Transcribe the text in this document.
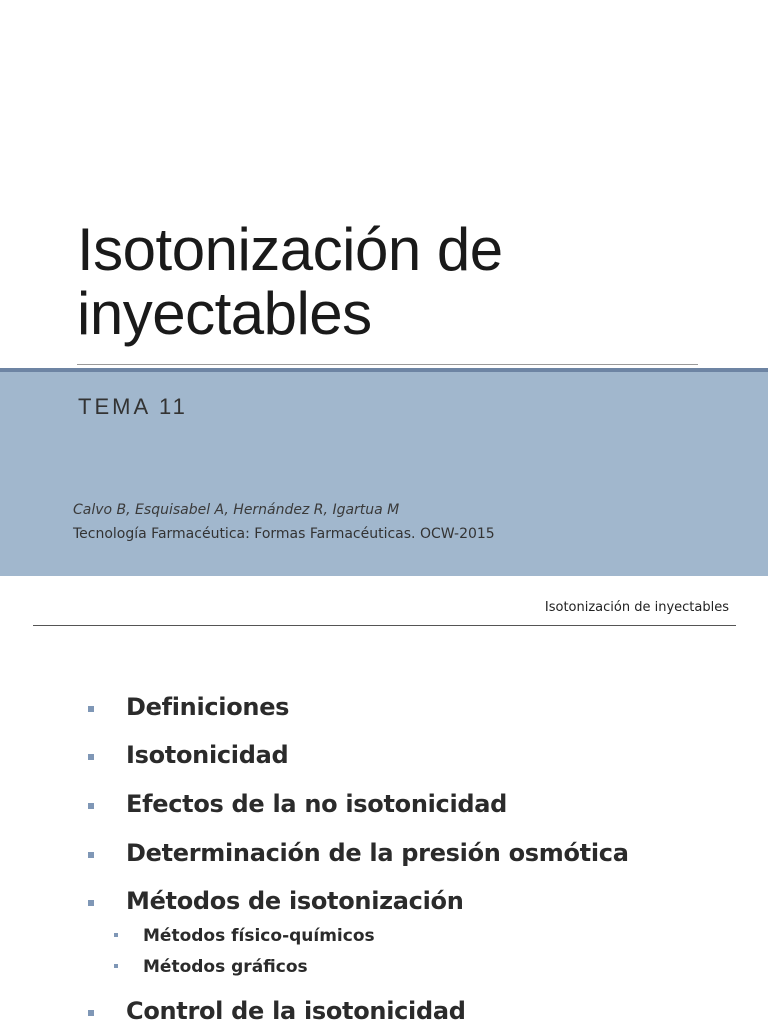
Isotonización de
inyectables
TEMA 11
Calvo B, Esquisabel A, Hernández R, Igartua M
Tecnología Farmacéutica: Formas Farmacéuticas. OCW-2015
Isotonización de inyectables
Definiciones
Isotonicidad
Efectos de la no isotonicidad
Determinación de la presión osmótica
Métodos de isotonización
Métodos físico-químicos
Métodos gráficos
Control de la isotonicidad
